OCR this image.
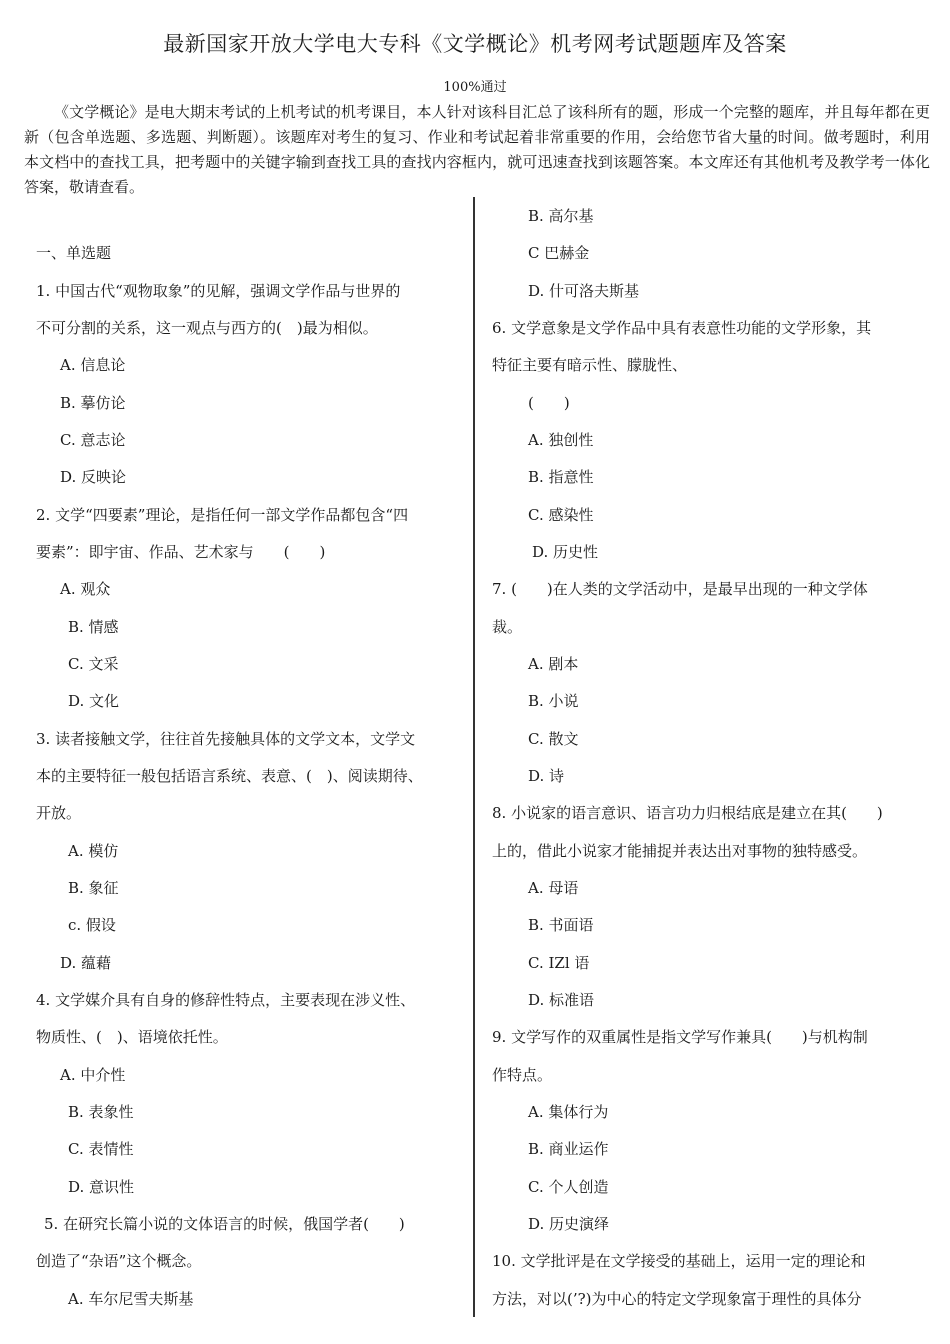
最新国家开放大学电大专科《文学概论》机考网考试题题库及答案
100%通过
《文学概论》是电大期末考试的上机考试的机考课目，本人针对该科目汇总了该科所有的题，形成一个完整的题库，并且每年都在更新（包含单选题、多选题、判断题）。该题库对考生的复习、作业和考试起着非常重要的作用，会给您节省大量的时间。做考题时，利用本文档中的查找工具，把考题中的关键字输到查找工具的查找内容框内，就可迅速查找到该题答案。本文库还有其他机考及教学考一体化答案，敬请查看。
一、单选题
1. 中国古代“观物取象”的见解，强调文学作品与世界的
不可分割的关系，这一观点与西方的(　)最为相似。
A. 信息论
B. 摹仿论
C. 意志论
D. 反映论
2. 文学“四要素”理论，是指任何一部文学作品都包含“四
要素”：即宇宙、作品、艺术家与　　(　　)
A. 观众
B. 情感
C. 文采
D. 文化
3. 读者接触文学，往往首先接触具体的文学文本，文学文
本的主要特征一般包括语言系统、表意、(　)、阅读期待、
开放。
A. 模仿
B. 象征
c. 假设
D. 蕴藉
4. 文学媒介具有自身的修辞性特点，主要表现在涉义性、
物质性、(　)、语境依托性。
A. 中介性
B. 表象性
C. 表情性
D. 意识性
5. 在研究长篇小说的文体语言的时候，俄国学者(　　)
创造了“杂语”这个概念。
A. 车尔尼雪夫斯基
B. 高尔基
C 巴赫金
D. 什可洛夫斯基
6. 文学意象是文学作品中具有表意性功能的文学形象，其
特征主要有暗示性、朦胧性、
(　　)
A. 独创性
B. 指意性
C. 感染性
D. 历史性
7. (　　)在人类的文学活动中，是最早出现的一种文学体
裁。
A. 剧本
B. 小说
C. 散文
D. 诗
8. 小说家的语言意识、语言功力归根结底是建立在其(　　)
上的，借此小说家才能捕捉并表达出对事物的独特感受。
A. 母语
B. 书面语
C. IZl 语
D. 标准语
9. 文学写作的双重属性是指文学写作兼具(　　)与机构制
作特点。
A. 集体行为
B. 商业运作
C. 个人创造
D. 历史演绎
10. 文学批评是在文学接受的基础上，运用一定的理论和
方法，对以(’?)为中心的特定文学现象富于理性的具体分
